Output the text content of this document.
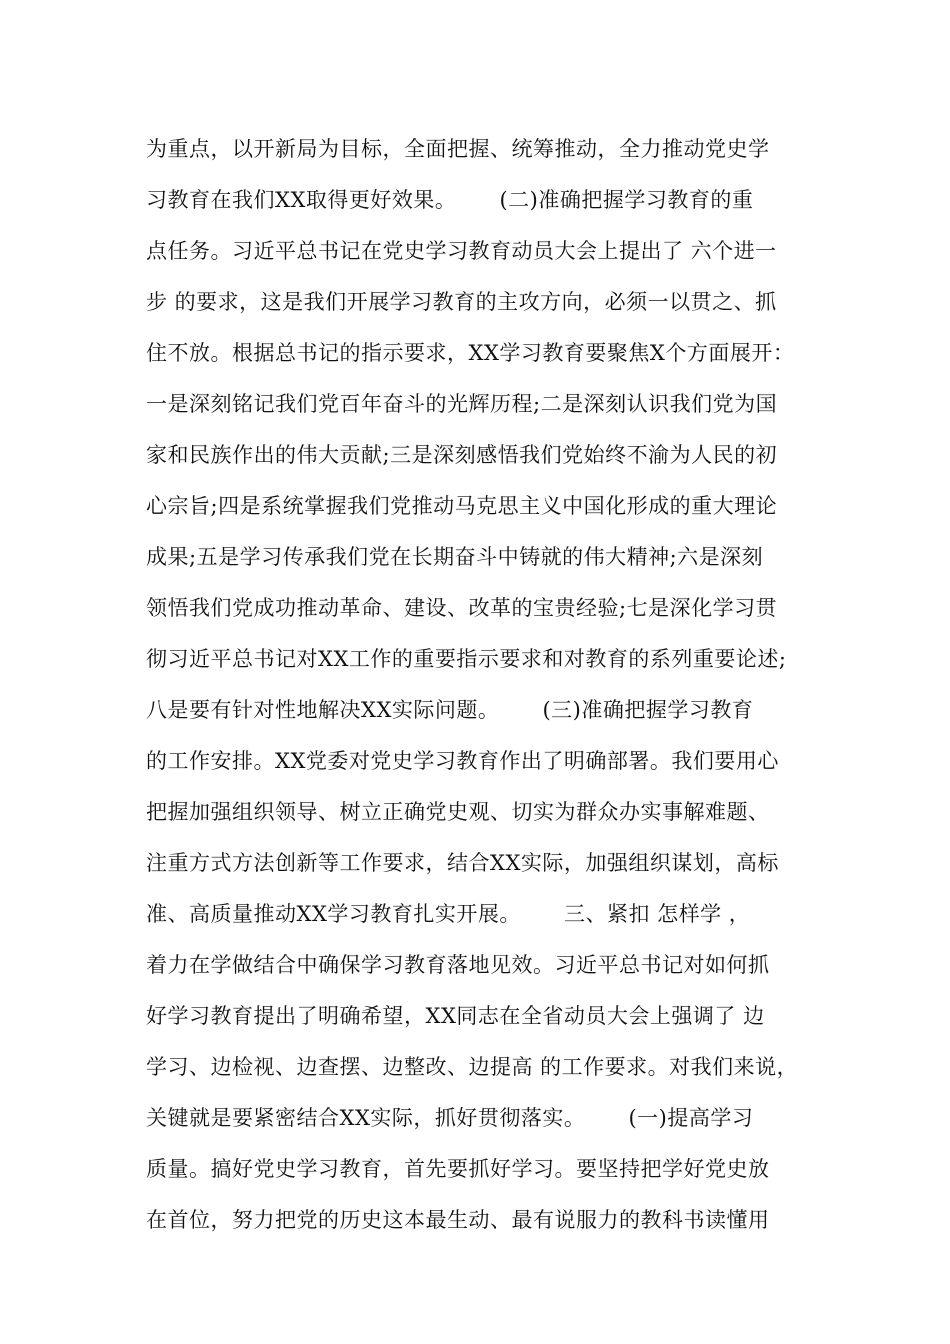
为重点，以开新局为目标，全面把握、统筹推动，全力推动党史学
习教育在我们XX取得更好效果。      (二)准确把握学习教育的重
点任务。习近平总书记在党史学习教育动员大会上提出了 六个进一
步 的要求，这是我们开展学习教育的主攻方向，必须一以贯之、抓
住不放。根据总书记的指示要求，XX学习教育要聚焦X个方面展开：
一是深刻铭记我们党百年奋斗的光辉历程;二是深刻认识我们党为国
家和民族作出的伟大贡献;三是深刻感悟我们党始终不渝为人民的初
心宗旨;四是系统掌握我们党推动马克思主义中国化形成的重大理论
成果;五是学习传承我们党在长期奋斗中铸就的伟大精神;六是深刻
领悟我们党成功推动革命、建设、改革的宝贵经验;七是深化学习贯
彻习近平总书记对XX工作的重要指示要求和对教育的系列重要论述;
八是要有针对性地解决XX实际问题。      (三)准确把握学习教育
的工作安排。XX党委对党史学习教育作出了明确部署。我们要用心
把握加强组织领导、树立正确党史观、切实为群众办实事解难题、
注重方式方法创新等工作要求，结合XX实际，加强组织谋划，高标
准、高质量推动XX学习教育扎实开展。      三、紧扣 怎样学 ，
着力在学做结合中确保学习教育落地见效。习近平总书记对如何抓
好学习教育提出了明确希望，XX同志在全省动员大会上强调了 边
学习、边检视、边查摆、边整改、边提高 的工作要求。对我们来说，
关键就是要紧密结合XX实际，抓好贯彻落实。      (一)提高学习
质量。搞好党史学习教育，首先要抓好学习。要坚持把学好党史放
在首位，努力把党的历史这本最生动、最有说服力的教科书读懂用
